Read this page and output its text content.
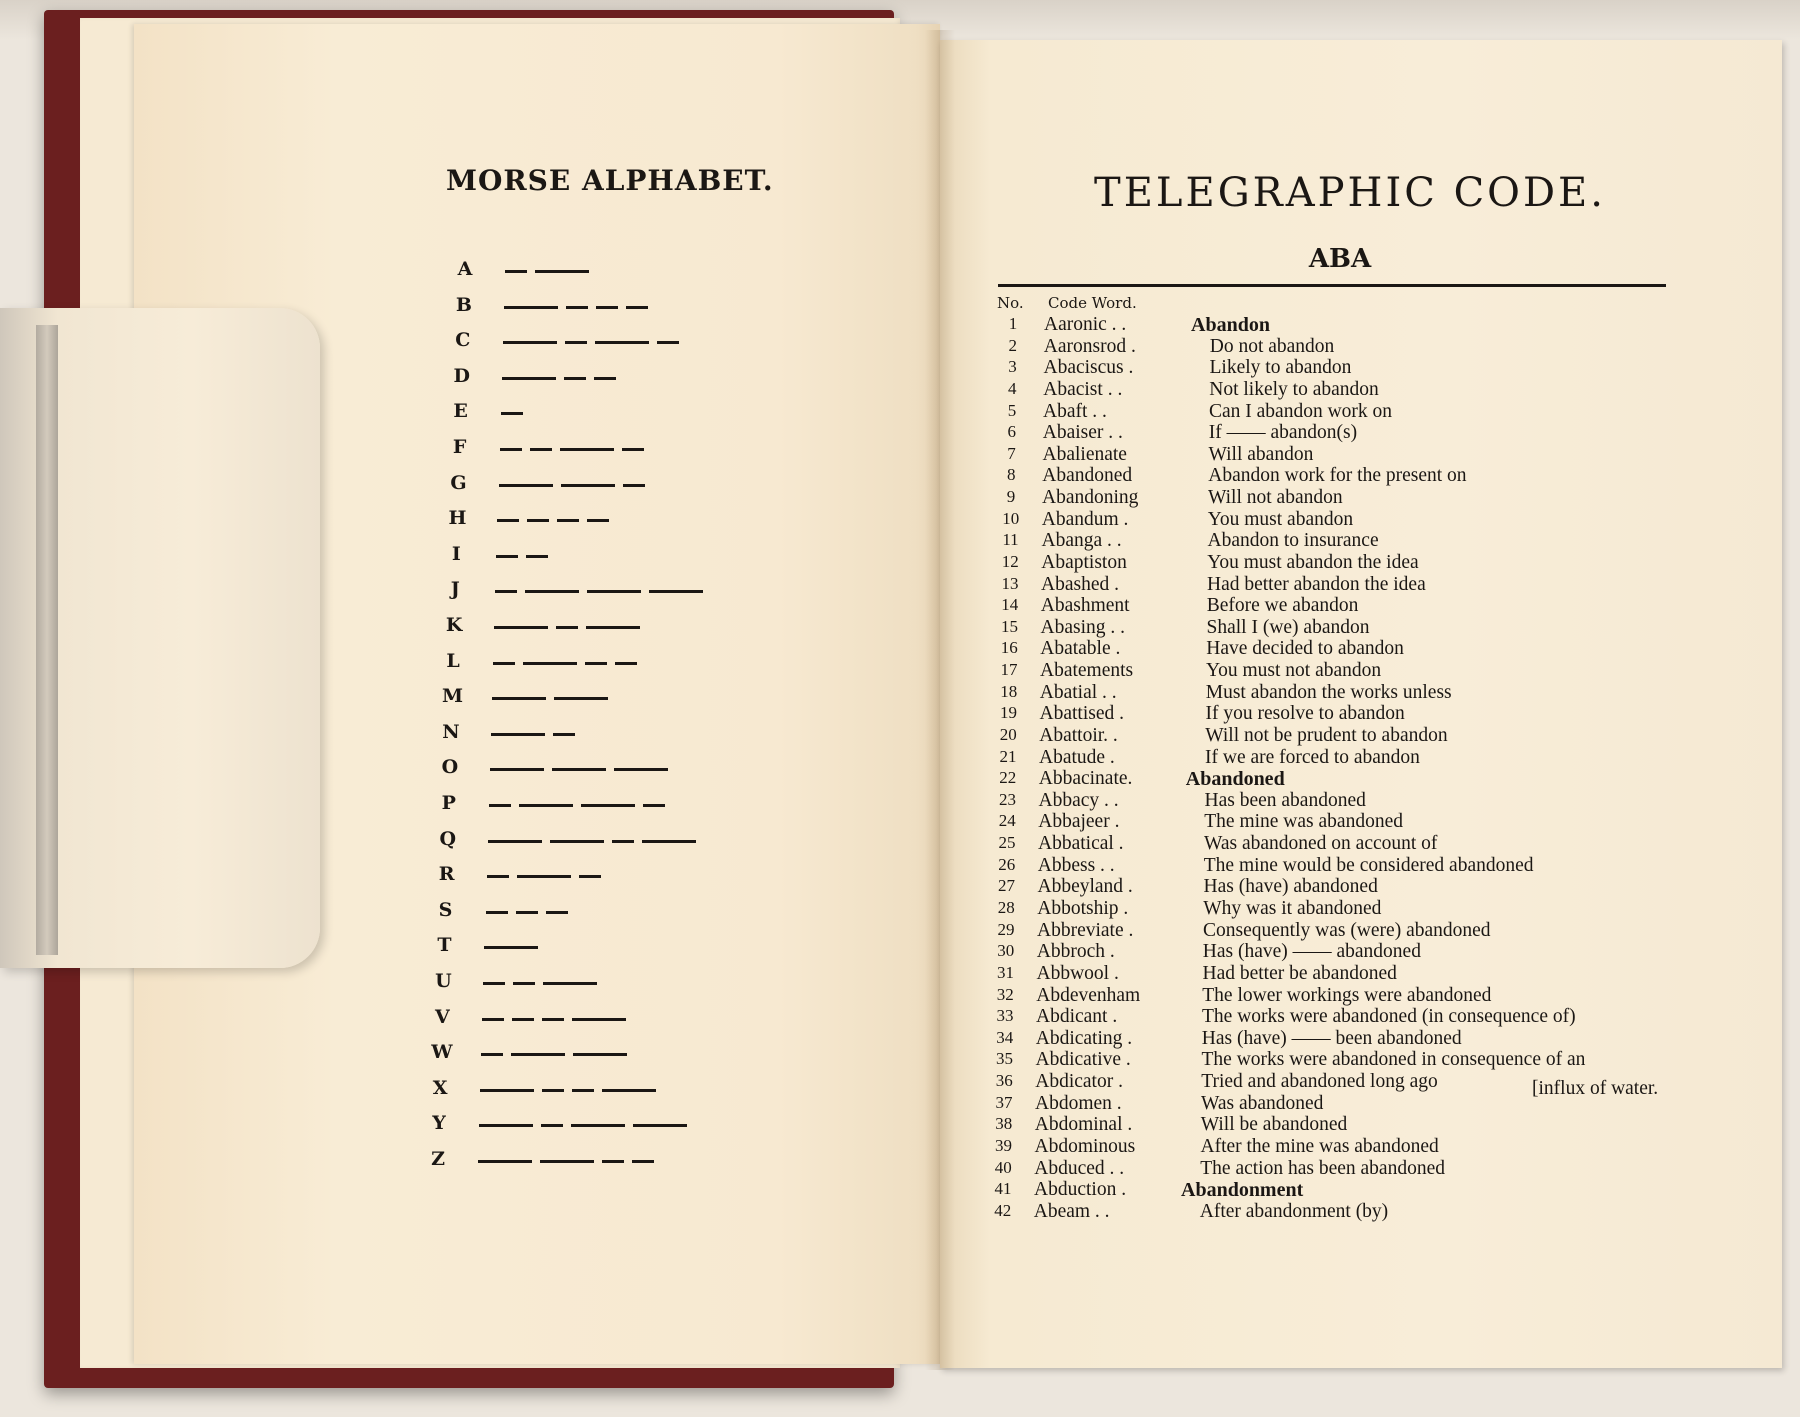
MORSE ALPHABET.
A
B
C
D
E
F
G
H
I
J
K
L
M
N
O
P
Q
R
S
T
U
V
W
X
Y
Z
TELEGRAPHIC CODE.
ABA
No. Code Word.
1	Aaronic . .	Abandon
2	Aaronsrod .	Do not abandon
3	Abaciscus .	Likely to abandon
4	Abacist . .	Not likely to abandon
5	Abaft . .	Can I abandon work on
6	Abaiser . .	If —— abandon(s)
7	Abalienate	Will abandon
8	Abandoned	Abandon work for the present on
9	Abandoning	Will not abandon
10	Abandum .	You must abandon
11	Abanga . .	Abandon to insurance
12	Abaptiston	You must abandon the idea
13	Abashed .	Had better abandon the idea
14	Abashment	Before we abandon
15	Abasing . .	Shall I (we) abandon
16	Abatable .	Have decided to abandon
17	Abatements	You must not abandon
18	Abatial . .	Must abandon the works unless
19	Abattised .	If you resolve to abandon
20	Abattoir. .	Will not be prudent to abandon
21	Abatude .	If we are forced to abandon
22	Abbacinate.	Abandoned
23	Abbacy . .	Has been abandoned
24	Abbajeer .	The mine was abandoned
25	Abbatical .	Was abandoned on account of
26	Abbess . .	The mine would be considered abandoned
27	Abbeyland .	Has (have) abandoned
28	Abbotship .	Why was it abandoned
29	Abbreviate .	Consequently was (were) abandoned
30	Abbroch .	Has (have) —— abandoned
31	Abbwool .	Had better be abandoned
32	Abdevenham	The lower workings were abandoned
33	Abdicant .	The works were abandoned (in consequence of)
34	Abdicating .	Has (have) —— been abandoned
35	Abdicative .	The works were abandoned in consequence of an
36	Abdicator .	Tried and abandoned long ago
37	Abdomen .	Was abandoned
38	Abdominal .	Will be abandoned
39	Abdominous	After the mine was abandoned
40	Abduced . .	The action has been abandoned
41	Abduction .	Abandonment
42	Abeam . .	After abandonment (by)
[influx of water.
